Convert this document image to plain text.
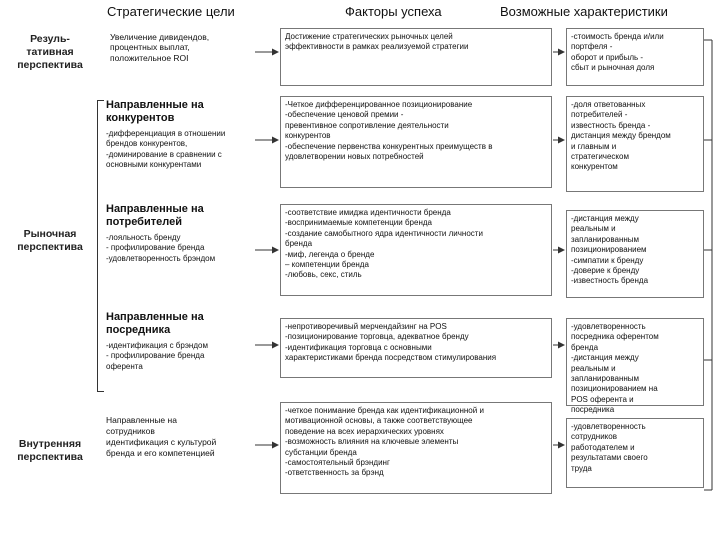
Стратегические цели	Факторы успеха	Возможные характеристики
Резуль-
тативная
перспектива
Рыночная
перспектива
Внутренняя
перспектива

Увеличение дивидендов,
процентных выплат,
положительное ROI

Достижение стратегических рыночных целей
эффективности в рамках реализуемой стратегии

-стоимость бренда и/или
портфеля -
оборот и прибыль -
сбыт и рыночная доля

Направленные на конкурентов

-дифференциация в отношении
брендов конкурентов,
-доминирование в сравнении с
основными конкурентами

-Четкое дифференцированное позиционирование
-обеспечение ценовой премии -
превентивное сопротивление деятельности
конкурентов
-обеспечение первенства конкурентных преимуществ в
удовлетворении новых потребностей

-доля ответованных
потребителей -
известность бренда -
дистанция между брендом
и главным и
стратегическом
конкурентом

Направленные на потребителей

-лояльность бренду
- профилирование бренда
-удовлетворенность брэндом

-соответствие имиджа идентичности бренда
-воспринимаемые компетенции бренда
-создание самобытного ядра идентичности личности
бренда
-миф, легенда о бренде
– компетенции бренда
-любовь, секс, стиль

-дистанция между
реальным и
запланированным
позиционированием
-симпатии к бренду
-доверие к бренду
-известность бренда

Направленные на посредника

-идентификация с брэндом
- профилирование бренда
оферента

-непротиворечивый мерчендайзинг на POS
-позиционирование торговца, адекватное бренду
-идентификация торговца с основными
характеристиками бренда посредством стимулирования

-удовлетворенность
посредника оферентом
бренда
-дистанция между
реальным и
запланированным
позиционированием на
POS оферента и
посредника

Направленные на
сотрудников
идентификация с культурой
бренда и его компетенцией

-четкое понимание бренда как идентификационной и
мотивационной основы, а также соответствующее
поведение на всех иерархических уровнях
-возможность влияния на ключевые элементы
субстанции бренда
-самостоятельный брэндинг
-ответственность за брэнд

-удовлетворенность
сотрудников
работодателем и
результатами своего
труда
